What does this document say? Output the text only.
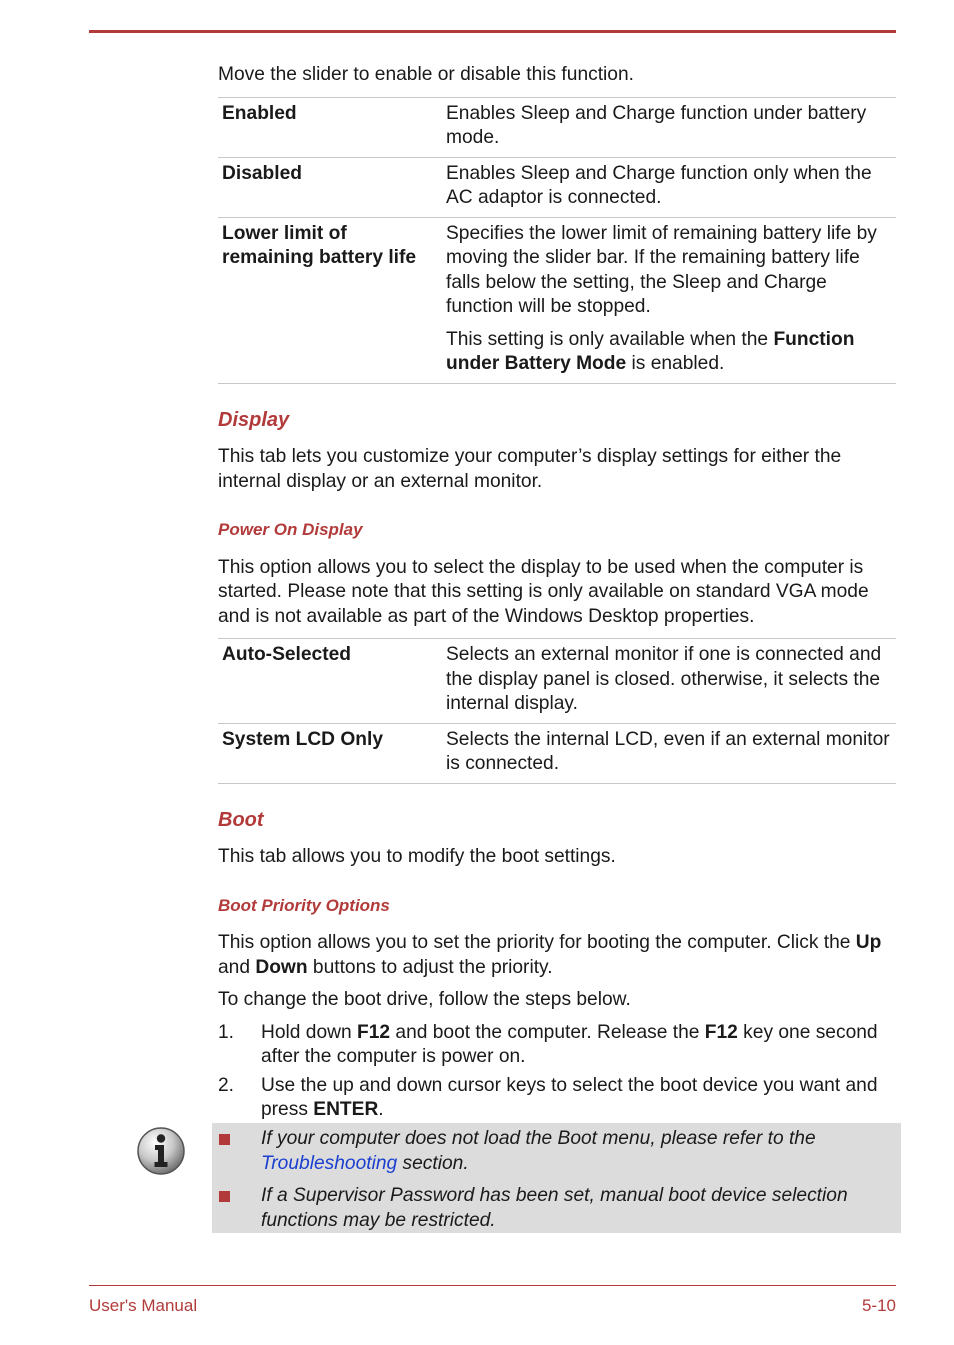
Move the slider to enable or disable this function.

Enabled	Enables Sleep and Charge function under battery mode.

Disabled	Enables Sleep and Charge function only when the AC adaptor is connected.

Lower limit of remaining battery life	Specifies the lower limit of remaining battery life by moving the slider bar. If the remaining battery life falls below the setting, the Sleep and Charge function will be stopped.

This setting is only available when the Function under Battery Mode is enabled.

Display

This tab lets you customize your computer’s display settings for either the internal display or an external monitor.

Power On Display

This option allows you to select the display to be used when the computer is started. Please note that this setting is only available on standard VGA mode and is not available as part of the Windows Desktop properties.

Auto-Selected	Selects an external monitor if one is connected and the display panel is closed. otherwise, it selects the internal display.
System LCD Only	Selects the internal LCD, even if an external monitor is connected.
Boot

This tab allows you to modify the boot settings.

Boot Priority Options

This option allows you to set the priority for booting the computer. Click the Up and Down buttons to adjust the priority.

To change the boot drive, follow the steps below.

1. Hold down F12 and boot the computer. Release the F12 key one second after the computer is power on.
2. Use the up and down cursor keys to select the boot device you want and press ENTER.
If your computer does not load the Boot menu, please refer to the Troubleshooting section.
If a Supervisor Password has been set, manual boot device selection functions may be restricted.
User's Manual	5-10
